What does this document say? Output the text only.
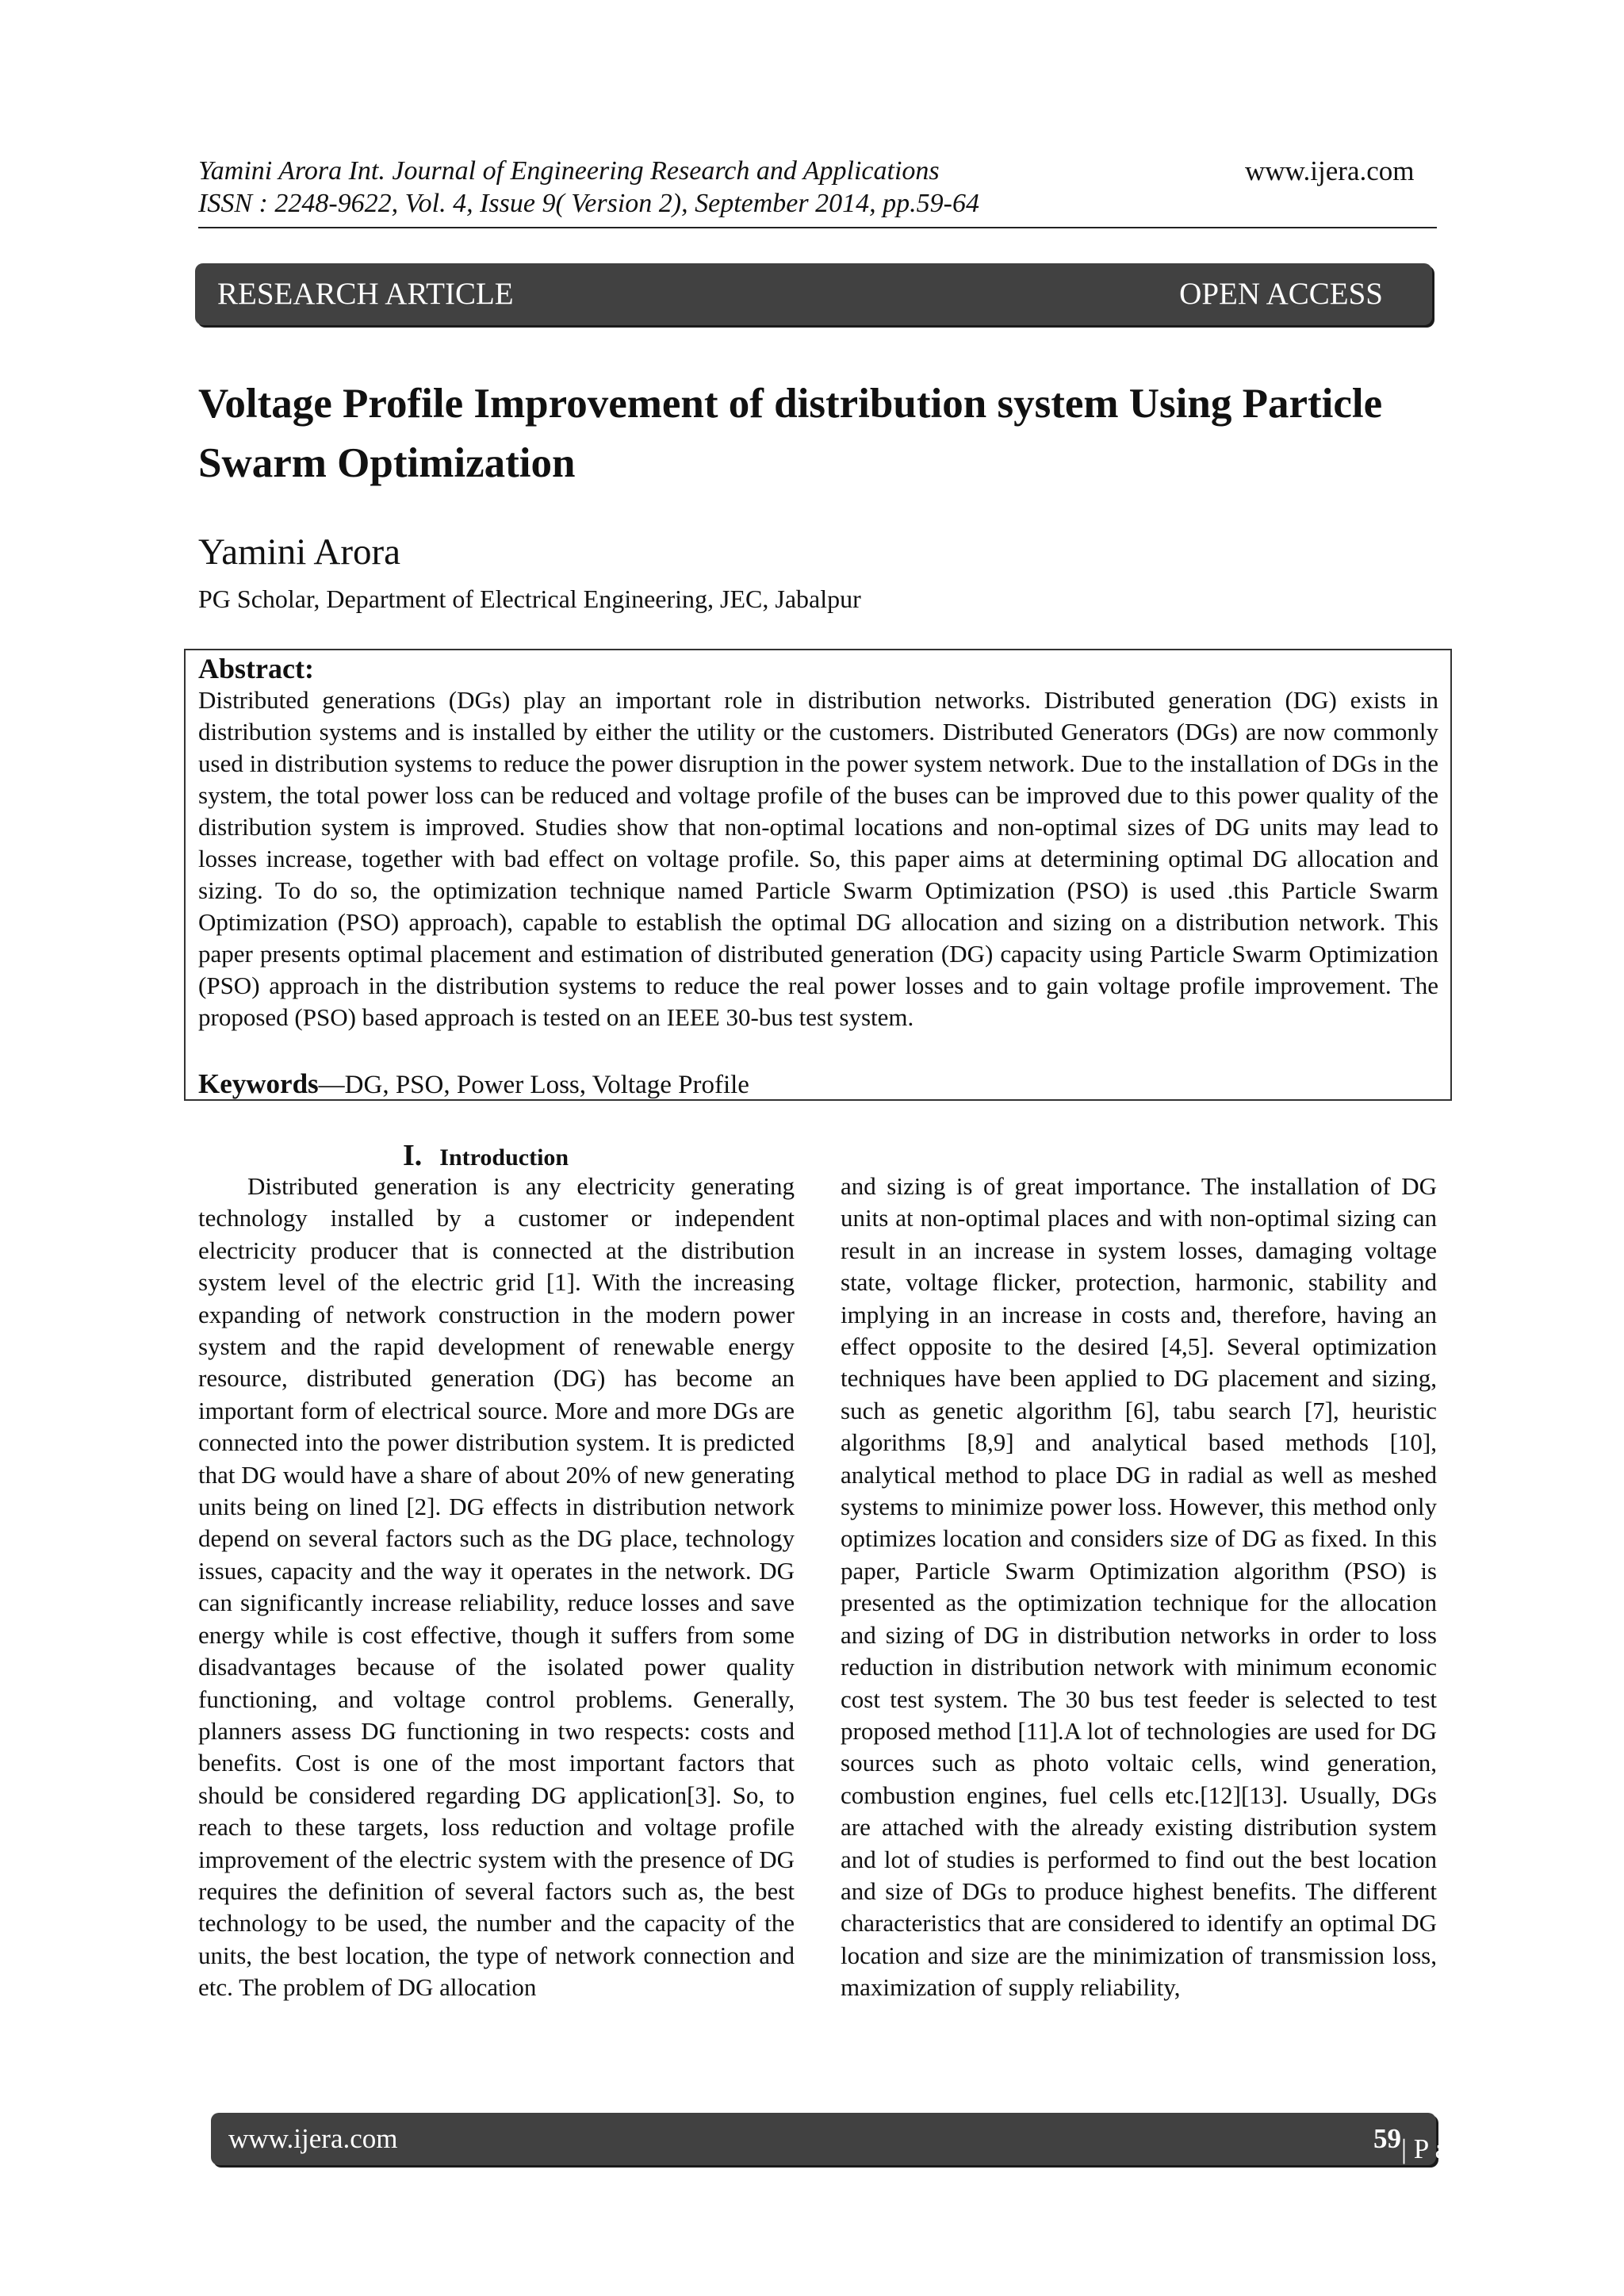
Yamini Arora Int. Journal of Engineering Research and Applications
ISSN : 2248-9622, Vol. 4, Issue 9( Version 2), September 2014, pp.59-64
www.ijera.com
RESEARCH ARTICLE	OPEN ACCESS
Voltage Profile Improvement of distribution system Using Particle Swarm Optimization
Yamini Arora
PG Scholar, Department of Electrical Engineering, JEC, Jabalpur
Abstract:

Distributed generations (DGs) play an important role in distribution networks. Distributed generation (DG) exists in distribution systems and is installed by either the utility or the customers. Distributed Generators (DGs) are now commonly used in distribution systems to reduce the power disruption in the power system network. Due to the installation of DGs in the system, the total power loss can be reduced and voltage profile of the buses can be improved due to this power quality of the distribution system is improved. Studies show that non-optimal locations and non-optimal sizes of DG units may lead to losses increase, together with bad effect on voltage profile. So, this paper aims at determining optimal DG allocation and sizing. To do so, the optimization technique named Particle Swarm Optimization (PSO) is used .this Particle Swarm Optimization (PSO) approach), capable to establish the optimal DG allocation and sizing on a distribution network. This paper presents optimal placement and estimation of distributed generation (DG) capacity using Particle Swarm Optimization (PSO) approach in the distribution systems to reduce the real power losses and to gain voltage profile improvement. The proposed (PSO) based approach is tested on an IEEE 30-bus test system.

Keywords—DG, PSO, Power Loss, Voltage Profile
I. Introduction

Distributed generation is any electricity generating technology installed by a customer or independent electricity producer that is connected at the distribution system level of the electric grid [1]. With the increasing expanding of network construction in the modern power system and the rapid development of renewable energy resource, distributed generation (DG) has become an important form of electrical source. More and more DGs are connected into the power distribution system. It is predicted that DG would have a share of about 20% of new generating units being on lined [2]. DG effects in distribution network depend on several factors such as the DG place, technology issues, capacity and the way it operates in the network. DG can significantly increase reliability, reduce losses and save energy while is cost effective, though it suffers from some disadvantages because of the isolated power quality functioning, and voltage control problems. Generally, planners assess DG functioning in two respects: costs and benefits. Cost is one of the most important factors that should be considered regarding DG application[3]. So, to reach to these targets, loss reduction and voltage profile improvement of the electric system with the presence of DG requires the definition of several factors such as, the best technology to be used, the number and the capacity of the units, the best location, the type of network connection and etc. The problem of DG allocation

and sizing is of great importance. The installation of DG units at non-optimal places and with non-optimal sizing can result in an increase in system losses, damaging voltage state, voltage flicker, protection, harmonic, stability and implying in an increase in costs and, therefore, having an effect opposite to the desired [4,5]. Several optimization techniques have been applied to DG placement and sizing, such as genetic algorithm [6], tabu search [7], heuristic algorithms [8,9] and analytical based methods [10], analytical method to place DG in radial as well as meshed systems to minimize power loss. However, this method only optimizes location and considers size of DG as fixed. In this paper, Particle Swarm Optimization algorithm (PSO) is presented as the optimization technique for the allocation and sizing of DG in distribution networks in order to loss reduction in distribution network with minimum economic cost test system. The 30 bus test feeder is selected to test proposed method [11].A lot of technologies are used for DG sources such as photo voltaic cells, wind generation, combustion engines, fuel cells etc.[12][13]. Usually, DGs are attached with the already existing distribution system and lot of studies is performed to find out the best location and size of DGs to produce highest benefits. The different characteristics that are considered to identify an optimal DG location and size are the minimization of transmission loss, maximization of supply reliability,

www.ijera.com	59 | P a g e
